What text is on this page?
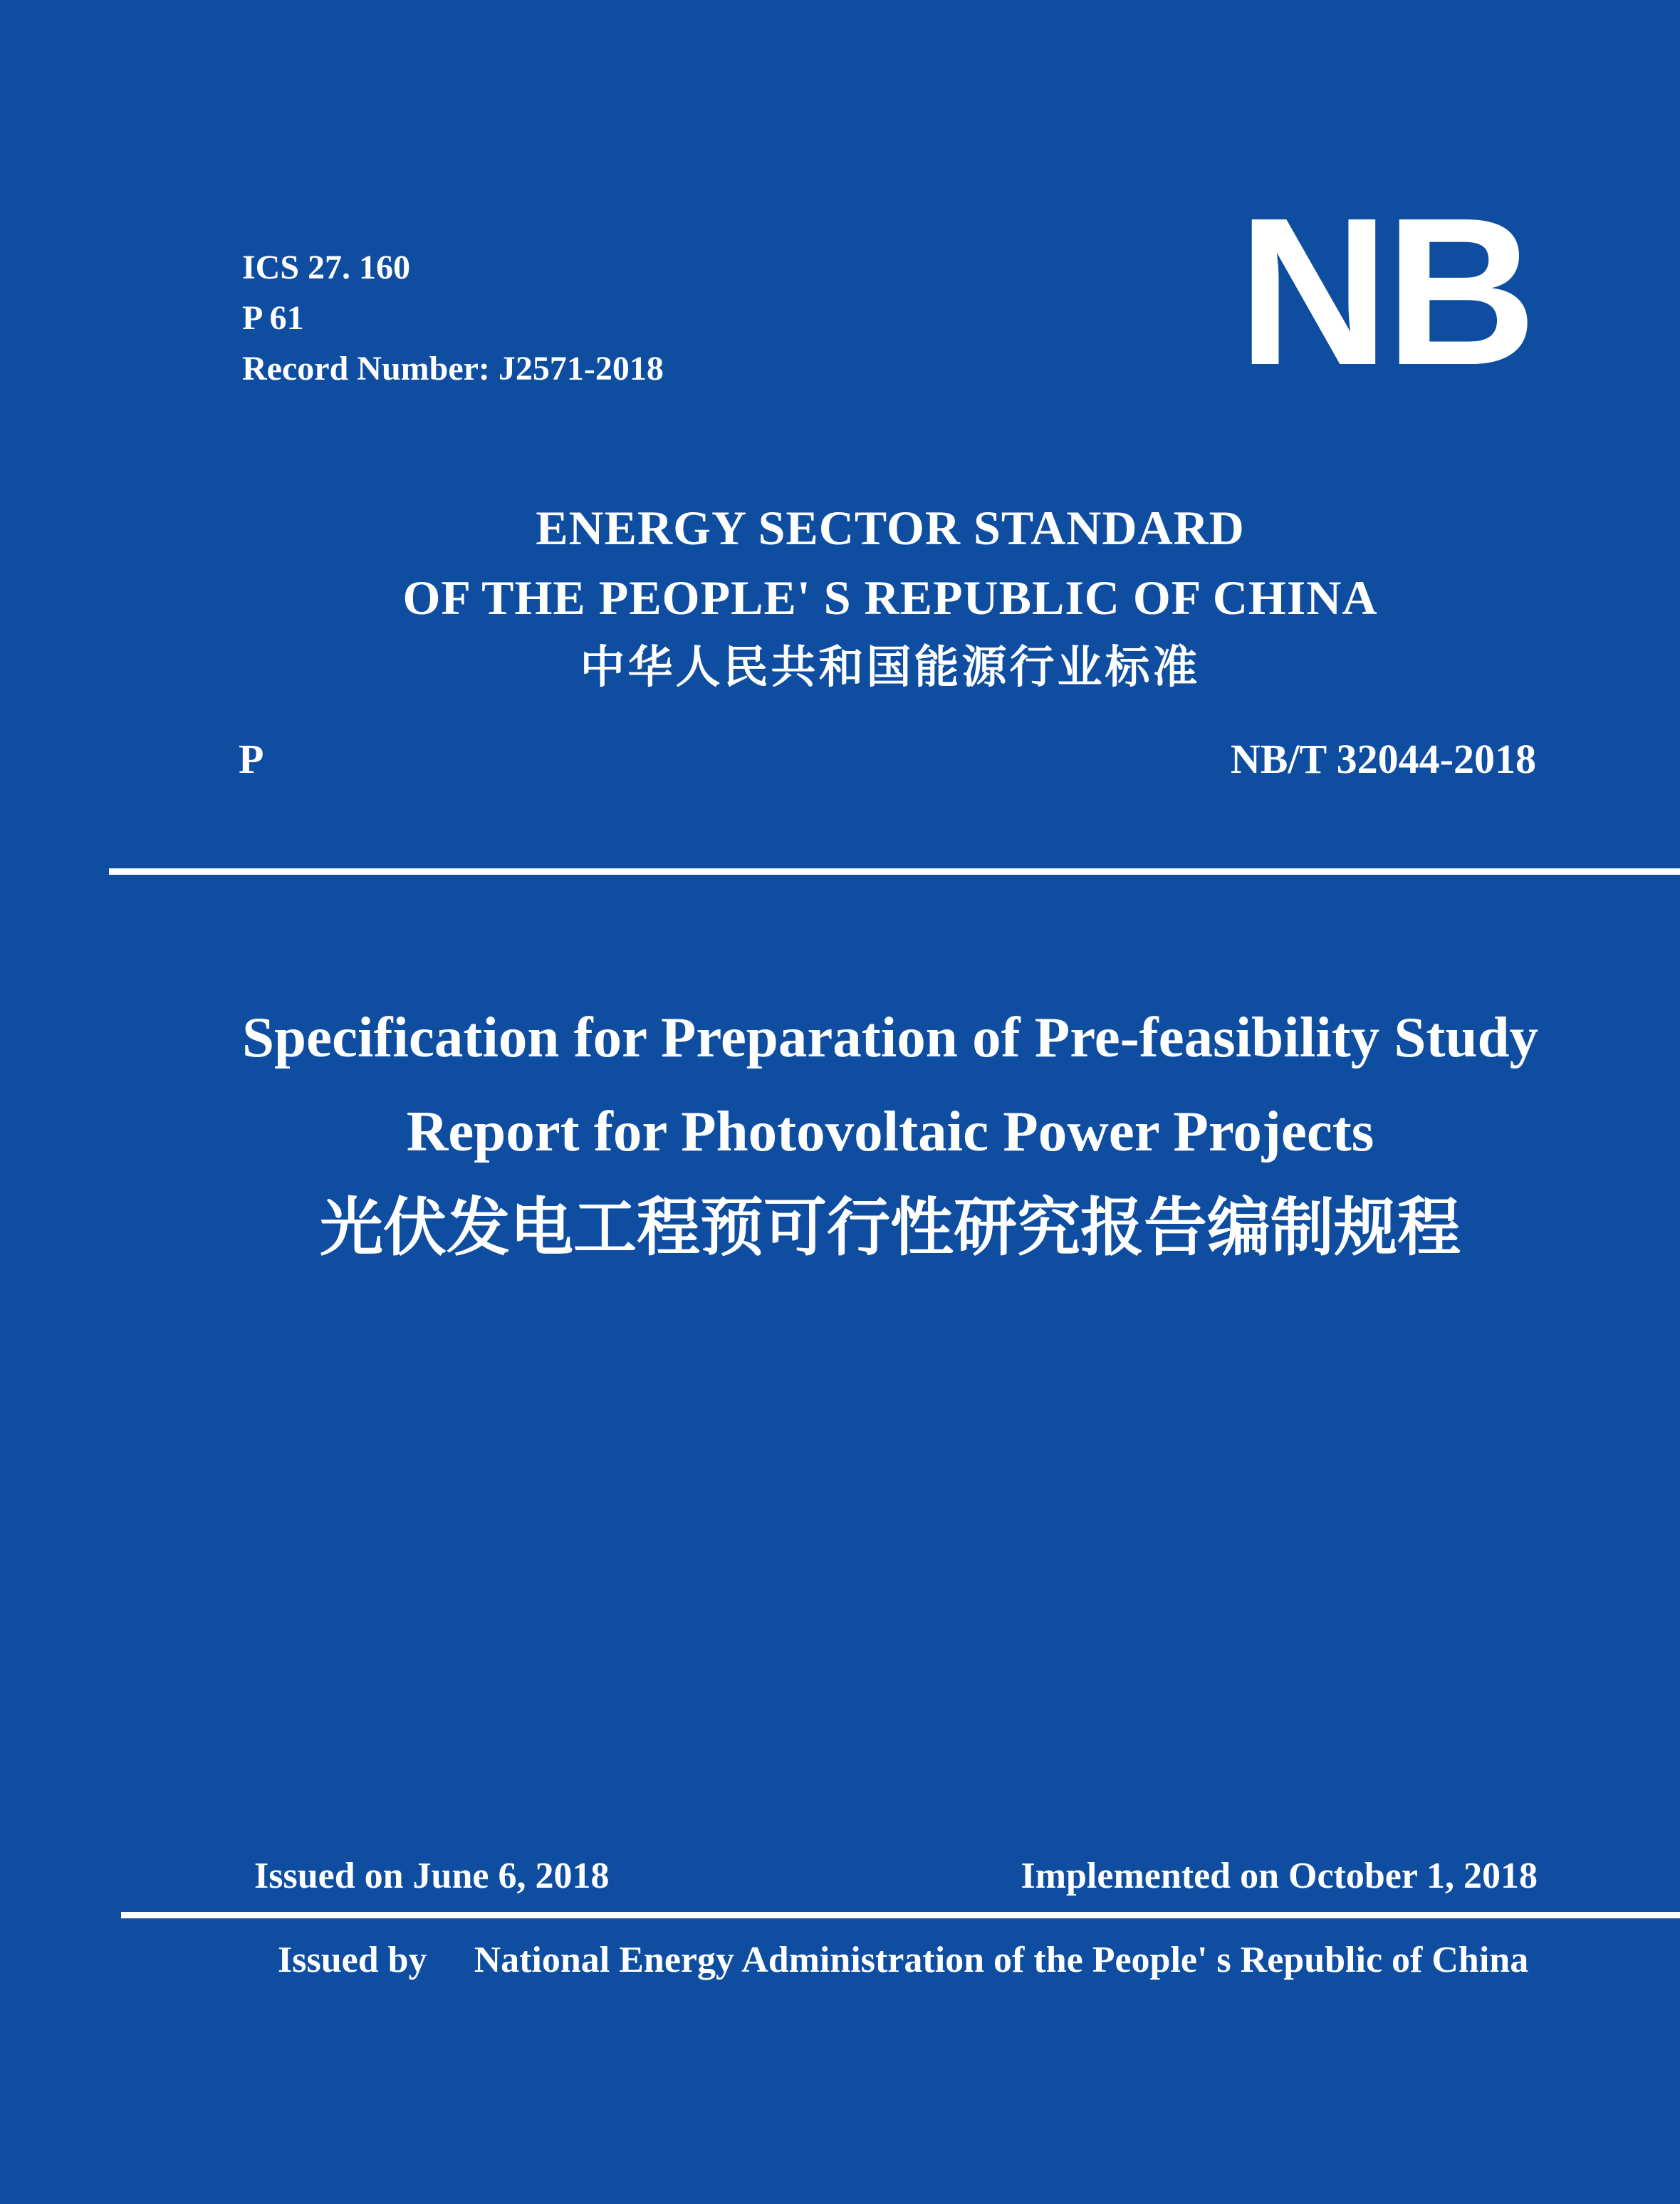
ICS 27. 160
P 61
Record Number: J2571-2018	NB
ENERGY SECTOR STANDARD
OF THE PEOPLE' S REPUBLIC OF CHINA
中华人民共和国能源行业标准
P	NB/T 32044-2018
Specification for Preparation of Pre-feasibility Study
Report for Photovoltaic Power Projects
光伏发电工程预可行性研究报告编制规程
Issued on June 6, 2018	Implemented on October 1, 2018
Issued by National Energy Administration of the People' s Republic of China
